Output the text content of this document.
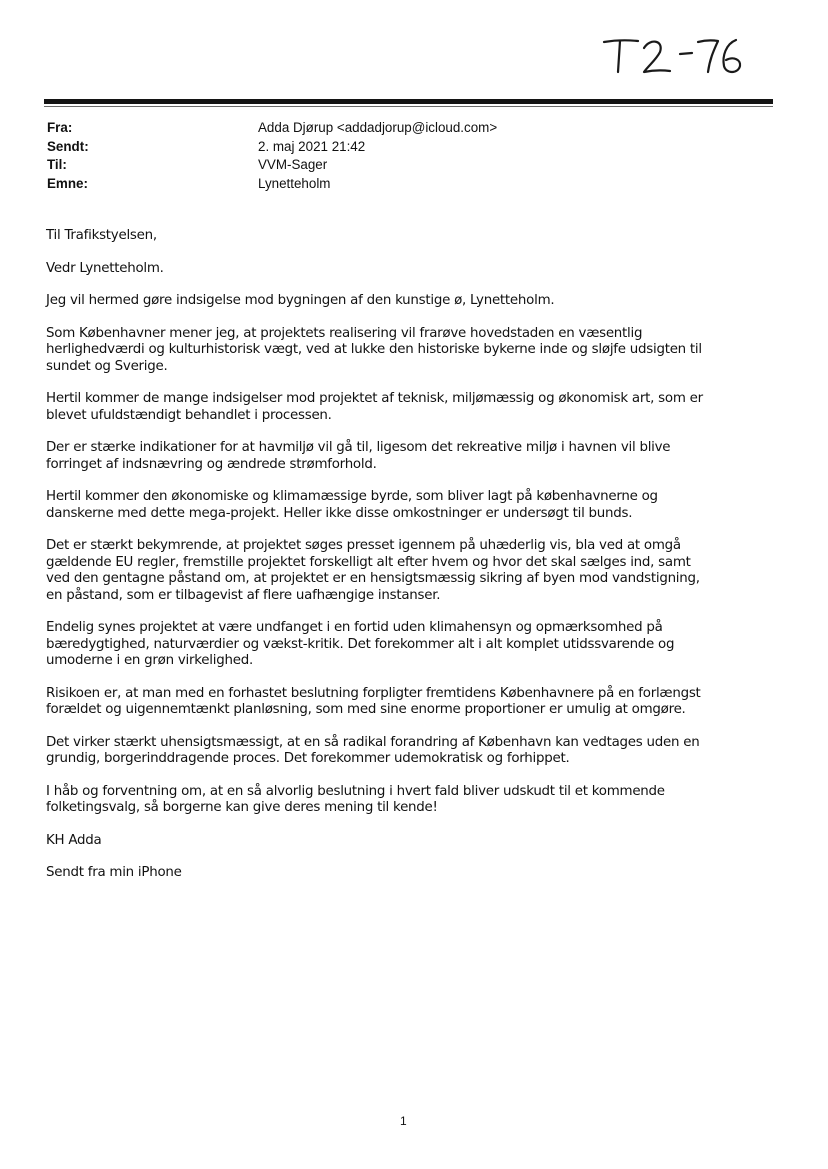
Fra:	Adda Djørup <addadjorup@icloud.com>
Sendt:	2. maj 2021 21:42
Til:	VVM-Sager
Emne:	Lynetteholm

Til Trafikstyelsen,

Vedr Lynetteholm.

Jeg vil hermed gøre indsigelse mod bygningen af den kunstige ø, Lynetteholm.

Som Københavner mener jeg, at projektets realisering vil frarøve hovedstaden en væsentlig
herlighedværdi og kulturhistorisk vægt, ved at lukke den historiske bykerne inde og sløjfe udsigten til
sundet og Sverige.

Hertil kommer de mange indsigelser mod projektet af teknisk, miljømæssig og økonomisk art, som er
blevet ufuldstændigt behandlet i processen.

Der er stærke indikationer for at havmiljø vil gå til, ligesom det rekreative miljø i havnen vil blive
forringet af indsnævring og ændrede strømforhold.

Hertil kommer den økonomiske og klimamæssige byrde, som bliver lagt på københavnerne og
danskerne med dette mega-projekt. Heller ikke disse omkostninger er undersøgt til bunds.

Det er stærkt bekymrende, at projektet søges presset igennem på uhæderlig vis, bla ved at omgå
gældende EU regler, fremstille projektet forskelligt alt efter hvem og hvor det skal sælges ind, samt
ved den gentagne påstand om, at projektet er en hensigtsmæssig sikring af byen mod vandstigning,
en påstand, som er tilbagevist af flere uafhængige instanser.

Endelig synes projektet at være undfanget i en fortid uden klimahensyn og opmærksomhed på
bæredygtighed, naturværdier og vækst-kritik. Det forekommer alt i alt komplet utidssvarende og
umoderne i en grøn virkelighed.

Risikoen er, at man med en forhastet beslutning forpligter fremtidens Københavnere på en forlængst
forældet og uigennemtænkt planløsning, som med sine enorme proportioner er umulig at omgøre.

Det virker stærkt uhensigtsmæssigt, at en så radikal forandring af København kan vedtages uden en
grundig, borgerinddragende proces. Det forekommer udemokratisk og forhippet.

I håb og forventning om, at en så alvorlig beslutning i hvert fald bliver udskudt til et kommende
folketingsvalg, så borgerne kan give deres mening til kende!

KH Adda

Sendt fra min iPhone

1
